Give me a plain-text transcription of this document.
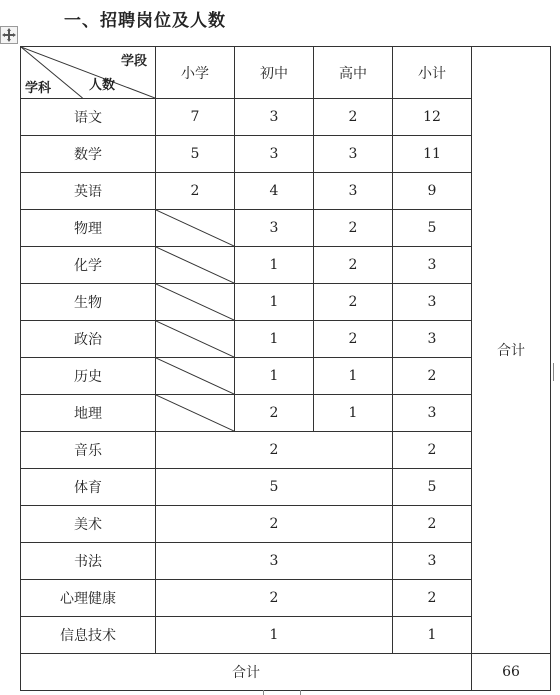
一、招聘岗位及人数
学段
人数
学科	小学	初中	高中	小计	合计
语文	7	3	2	12	
数学	5	3	3	11	
英语	2	4	3	9	
物理		3	2	5	
化学		1	2	3	
生物		1	2	3	
政治		1	2	3	
历史		1	1	2	
地理		2	1	3	
音乐	2			2	
体育	5			5	
美术	2			2	
书法	3			3	
心理健康	2			2	
信息技术	1			1	
合计					66
